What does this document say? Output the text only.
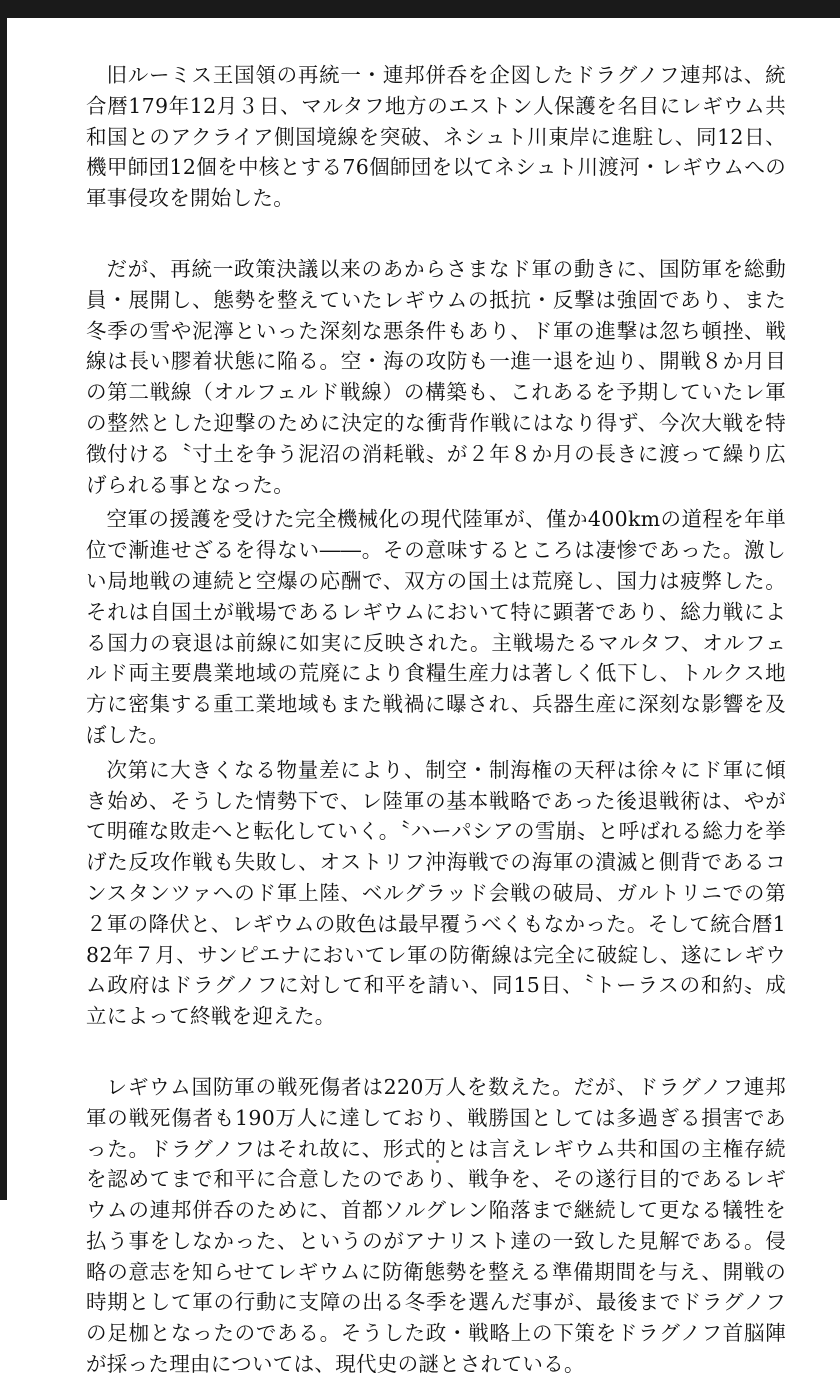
旧ルーミス王国領の再統一・連邦併呑を企図したドラグノフ連邦は、統合暦179年12月３日、マルタフ地方のエストン人保護を名目にレギウム共和国とのアクライア側国境線を突破、ネシュト川東岸に進駐し、同12日、機甲師団12個を中核とする76個師団を以てネシュト川渡河・レギウムへの軍事侵攻を開始した。

だが、再統一政策決議以来のあからさまなド軍の動きに、国防軍を総動員・展開し、態勢を整えていたレギウムの抵抗・反撃は強固であり、また冬季の雪や泥濘といった深刻な悪条件もあり、ド軍の進撃は忽ち頓挫、戦線は長い膠着状態に陥る。空・海の攻防も一進一退を辿り、開戦８か月目の第二戦線（オルフェルド戦線）の構築も、これあるを予期していたレ軍の整然とした迎撃のために決定的な衝背作戦にはなり得ず、今次大戦を特徴付ける〝寸土を争う泥沼の消耗戦〟が２年８か月の長きに渡って繰り広げられる事となった。

空軍の援護を受けた完全機械化の現代陸軍が、僅か400kmの道程を年単位で漸進せざるを得ない――。その意味するところは凄惨であった。激しい局地戦の連続と空爆の応酬で、双方の国土は荒廃し、国力は疲弊した。それは自国土が戦場であるレギウムにおいて特に顕著であり、総力戦による国力の衰退は前線に如実に反映された。主戦場たるマルタフ、オルフェルド両主要農業地域の荒廃により食糧生産力は著しく低下し、トルクス地方に密集する重工業地域もまた戦禍に曝され、兵器生産に深刻な影響を及ぼした。

次第に大きくなる物量差により、制空・制海権の天秤は徐々にド軍に傾き始め、そうした情勢下で、レ陸軍の基本戦略であった後退戦術は、やがて明確な敗走へと転化していく。〝ハーパシアの雪崩〟と呼ばれる総力を挙げた反攻作戦も失敗し、オストリフ沖海戦での海軍の潰滅と側背であるコンスタンツァへのド軍上陸、ベルグラッド会戦の破局、ガルトリニでの第２軍の降伏と、レギウムの敗色は最早覆うべくもなかった。そして統合暦182年７月、サンピエナにおいてレ軍の防衛線は完全に破綻し、遂にレギウム政府はドラグノフに対して和平を請い、同15日、〝トーラスの和約〟成立によって終戦を迎えた。

レギウム国防軍の戦死傷者は220万人を数えた。だが、ドラグノフ連邦軍の戦死傷者も190万人に達しており、戦勝国としては多過ぎる損害であった。ドラグノフはそれ故に、形式的とは言えレギウム共和国の主権存続を認めてまで和平に合意したのであり、戦争を、その遂行目的であるレギウムの連邦併呑のために、首都ソルグレン陥落まで継続して更なる犠牲を払う事をしなかった、というのがアナリスト達の一致した見解である。侵略の意志を知らせてレギウムに防衛態勢を整える準備期間を与え、開戦の時期として軍の行動に支障の出る冬季を選んだ事が、最後までドラグノフの足枷となったのである。そうした政・戦略上の下策をドラグノフ首脳陣が採った理由については、現代史の謎とされている。
